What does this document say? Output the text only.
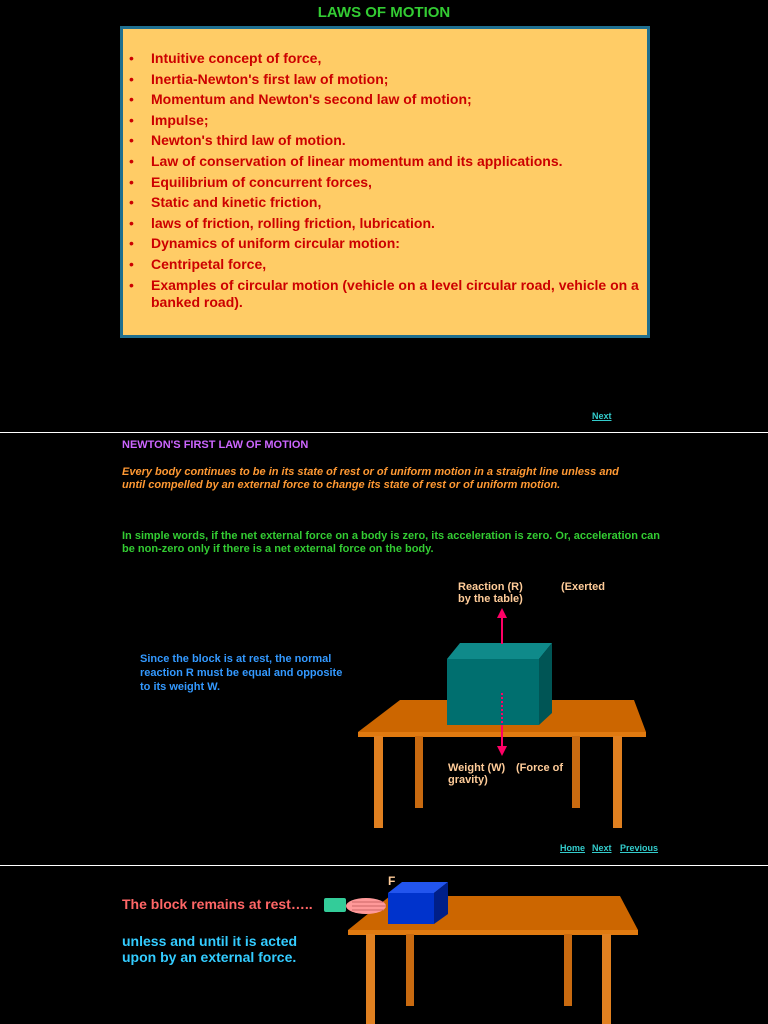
LAWS OF MOTION
• Intuitive concept of force,
• Inertia-Newton's first law of motion;
• Momentum and Newton's second law of motion;
• Impulse;
• Newton's third law of motion.
• Law of conservation of linear momentum and its applications.
• Equilibrium of concurrent forces,
• Static and kinetic friction,
• laws of friction, rolling friction, lubrication.
• Dynamics of uniform circular motion:
• Centripetal force,
• Examples of circular motion (vehicle on a level circular road, vehicle on a banked road).
Next
NEWTON'S FIRST LAW OF MOTION
Every body continues to be in its state of rest or of uniform motion in a straight line unless and until compelled by an external force to change its state of rest or of uniform motion.
In simple words, if the net external force on a body is zero, its acceleration is zero. Or, acceleration can be non-zero only if there is a net external force on the body.
Reaction (R)	(Exerted
by the table)
Since the block is at rest, the normal reaction R must be equal and opposite to its weight W.
Weight (W) (Force of
gravity)
Home Next Previous
F
The block remains at rest…..
unless and until it is acted upon by an external force.
